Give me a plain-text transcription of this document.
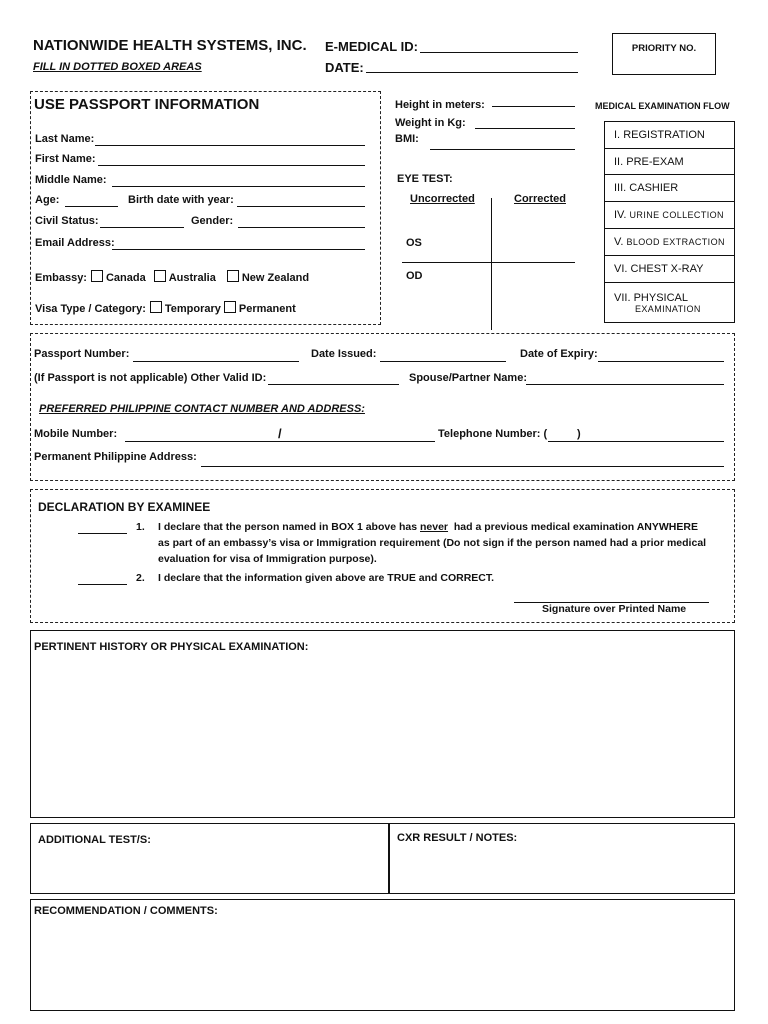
NATIONWIDE HEALTH SYSTEMS, INC.
FILL IN DOTTED BOXED AREAS
E-MEDICAL ID:
DATE:
PRIORITY NO.
USE PASSPORT INFORMATION
Last Name:
First Name:
Middle Name:
Age:	Birth date with year:
Civil Status:	Gender:
Email Address:
Embassy: Canada Australia New Zealand
Visa Type / Category: Temporary Permanent
Height in meters:
Weight in Kg:
BMI:
EYE TEST:
Uncorrected	Corrected
OS
OD
MEDICAL EXAMINATION FLOW
I. REGISTRATION
II. PRE-EXAM
III. CASHIER
IV. URINE COLLECTION
V. BLOOD EXTRACTION
VI. CHEST X-RAY
VII. PHYSICAL
EXAMINATION
Passport Number:	Date Issued:	Date of Expiry:
(If Passport is not applicable) Other Valid ID:	Spouse/Partner Name:
PREFERRED PHILIPPINE CONTACT NUMBER AND ADDRESS:
Mobile Number:	/	Telephone Number: (	)
Permanent Philippine Address:
DECLARATION BY EXAMINEE
1. I declare that the person named in BOX 1 above has never  had a previous medical examination ANYWHERE
as part of an embassy’s visa or Immigration requirement (Do not sign if the person named had a prior medical
evaluation for visa of Immigration purpose).
2. I declare that the information given above are TRUE and CORRECT.
Signature over Printed Name
PERTINENT HISTORY OR PHYSICAL EXAMINATION:
ADDITIONAL TEST/S:	CXR RESULT / NOTES:
RECOMMENDATION / COMMENTS:
